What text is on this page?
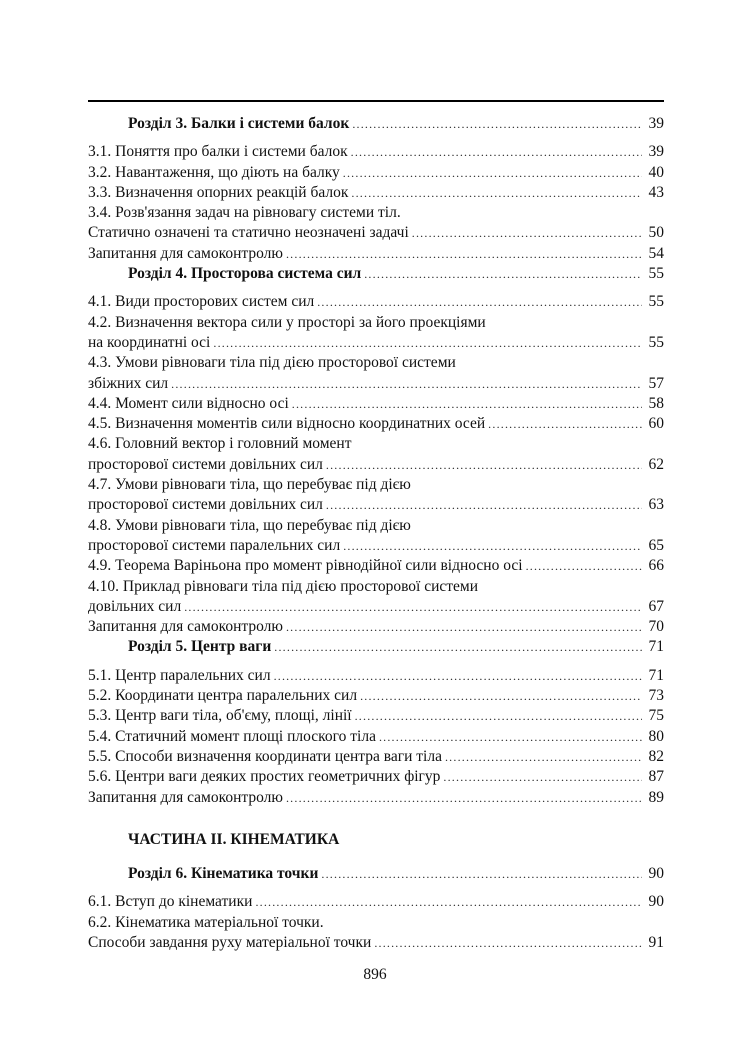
Розділ 3. Балки і системи балок .....	39
3.1. Поняття про балки і системи балок .....	39
3.2. Навантаження, що діють на балку .....	40
3.3. Визначення опорних реакцій балок .....	43
3.4. Розв'язання задач на рівновагу системи тіл.
Статично означені та статично неозначені задачі .....	50
Запитання для самоконтролю .....	54
Розділ 4. Просторова система сил .....	55
4.1. Види просторових систем сил .....	55
4.2. Визначення вектора сили у просторі за його проекціями
на координатні осі .....	55
4.3. Умови рівноваги тіла під дією просторової системи
збіжних сил .....	57
4.4. Момент сили відносно осі .....	58
4.5. Визначення моментів сили відносно координатних осей .....	60
4.6. Головний вектор і головний момент
просторової системи довільних сил .....	62
4.7. Умови рівноваги тіла, що перебуває під дією
просторової системи довільних сил .....	63
4.8. Умови рівноваги тіла, що перебуває під дією
просторової системи паралельних сил .....	65
4.9. Теорема Варіньона про момент рівнодійної сили відносно осі .....	66
4.10. Приклад рівноваги тіла під дією просторової системи
довільних сил .....	67
Запитання для самоконтролю .....	70
Розділ 5. Центр ваги .....	71
5.1. Центр паралельних сил .....	71
5.2. Координати центра паралельних сил .....	73
5.3. Центр ваги тіла, об'єму, площі, лінії .....	75
5.4. Статичний момент площі плоского тіла .....	80
5.5. Способи визначення координати центра ваги тіла .....	82
5.6. Центри ваги деяких простих геометричних фігур .....	87
Запитання для самоконтролю .....	89
ЧАСТИНА ІІ. КІНЕМАТИКА
Розділ 6. Кінематика точки .....	90
6.1. Вступ до кінематики .....	90
6.2. Кінематика матеріальної точки.
Способи завдання руху матеріальної точки .....	91
896
